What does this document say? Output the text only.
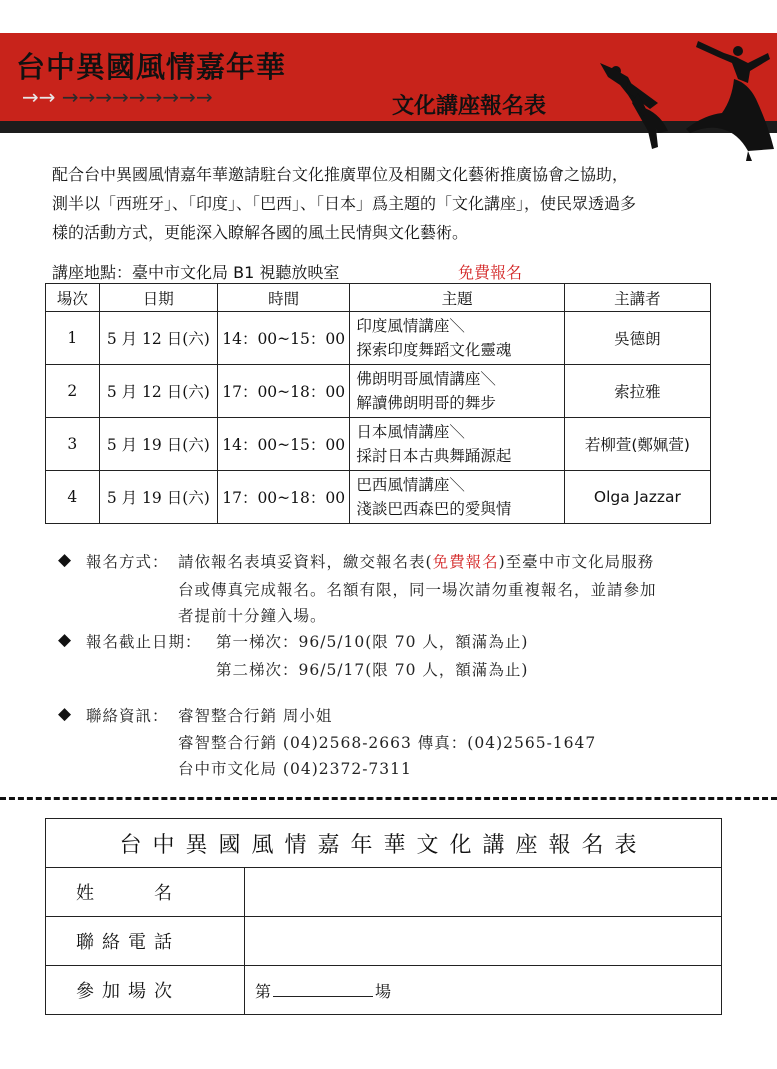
台中異國風情嘉年華
→→ →→→→→→→→→	文化講座報名表

配合台中異國風情嘉年華邀請駐台文化推廣單位及相關文化藝術推廣協會之協助，

測半以「西班牙」、「印度」、「巴西」、「日本」爲主題的「文化講座」，使民眾透過多

樣的活動方式，更能深入瞭解各國的風土民情與文化藝術。

講座地點：臺中市文化局 B1 視聽放映室	免費報名
場次	日期	時間	主題	主講者
1	5 月 12 日(六)	14：00~15：00	印度風情講座＼
探索印度舞蹈文化靈魂	吳德朗
2	5 月 12 日(六)	17：00~18：00	佛朗明哥風情講座＼
解讀佛朗明哥的舞步	索拉雅
3	5 月 19 日(六)	14：00~15：00	日本風情講座＼
採討日本古典舞踊源起	若柳萱(鄭姵萱)
4	5 月 19 日(六)	17：00~18：00	巴西風情講座＼
淺談巴西森巴的愛與情	Olga Jazzar
◆ 報名方式： 請依報名表填妥資料，繳交報名表(免費報名)至臺中市文化局服務
台或傳真完成報名。名額有限，同一場次請勿重複報名，並請參加
者提前十分鐘入場。
◆ 報名截止日期： 第一梯次：96/5/10(限 70 人，額滿為止)
第二梯次：96/5/17(限 70 人，額滿為止)
◆ 聯絡資訊： 睿智整合行銷 周小姐
睿智整合行銷 (04)2568-2663 傳真：(04)2565-1647
台中市文化局 (04)2372-7311
台中異國風情嘉年華文化講座報名表	
姓名	
聯絡電話	
參加場次	第 場
